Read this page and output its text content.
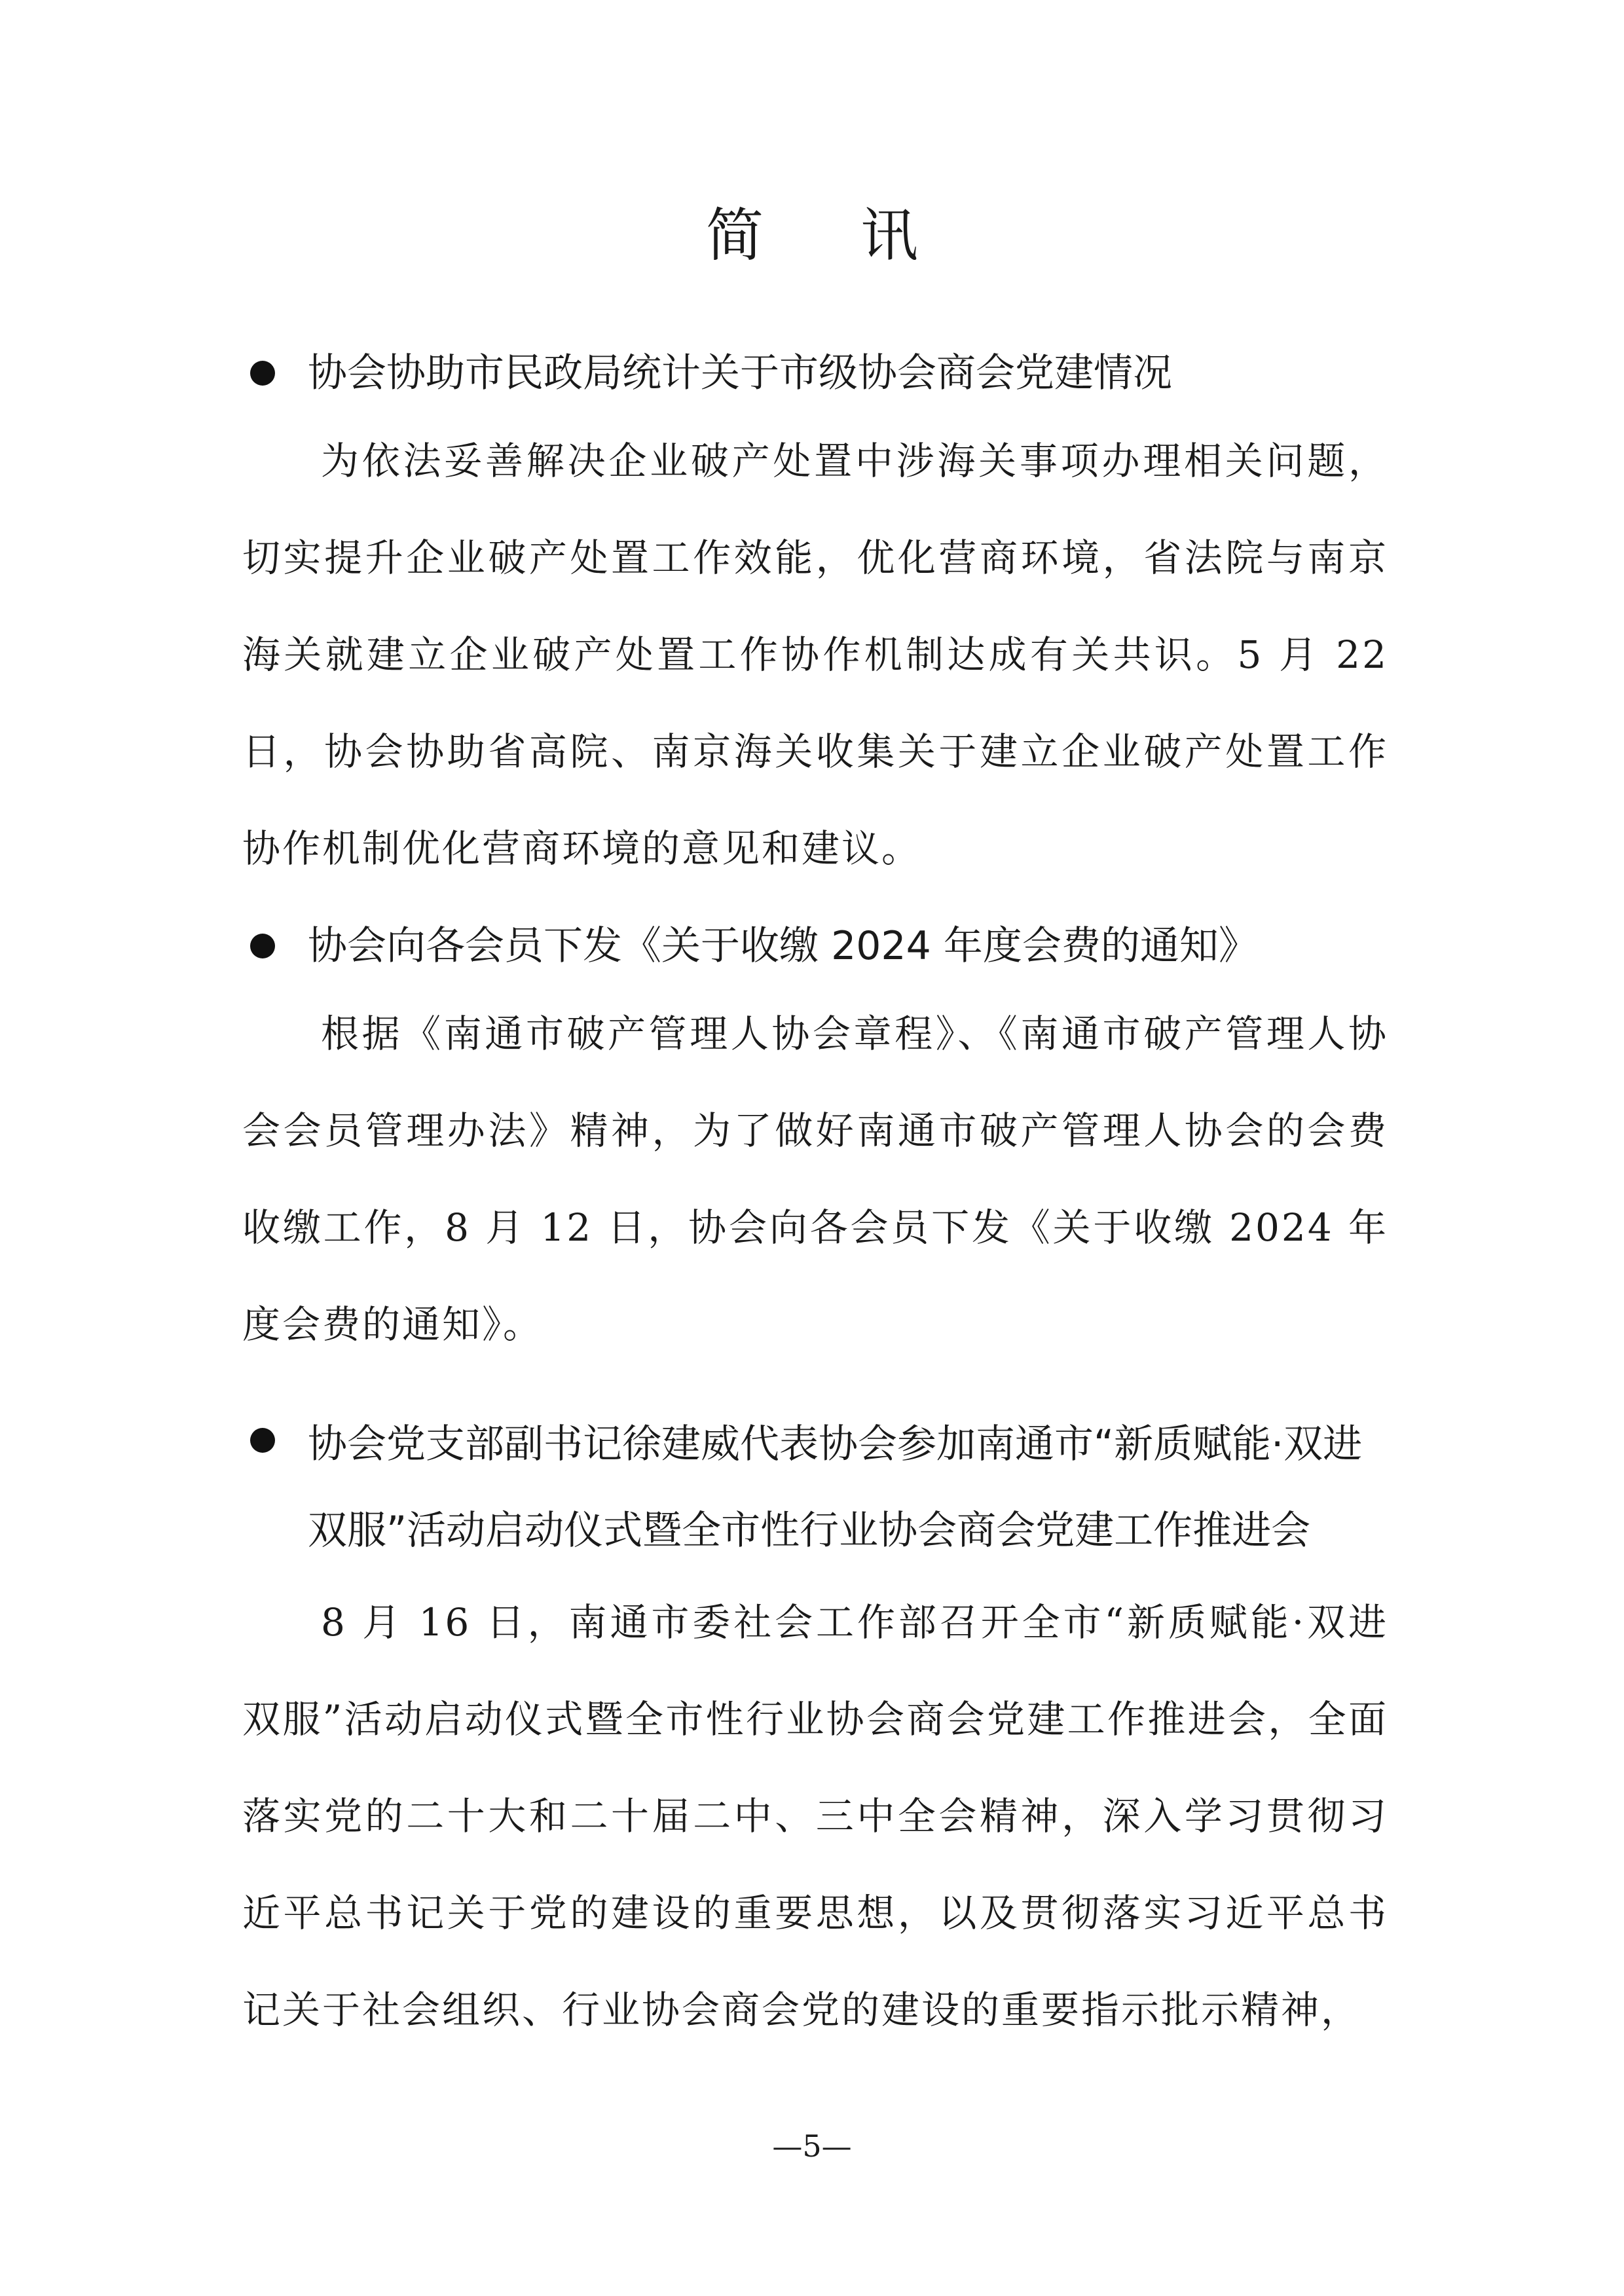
简 讯
协会协助市民政局统计关于市级协会商会党建情况

为依法妥善解决企业破产处置中涉海关事项办理相关问题，切实提升企业破产处置工作效能，优化营商环境，省法院与南京海关就建立企业破产处置工作协作机制达成有关共识。5 月 22 日，协会协助省高院、南京海关收集关于建立企业破产处置工作协作机制优化营商环境的意见和建议。

协会向各会员下发《关于收缴 2024 年度会费的通知》

根据《南通市破产管理人协会章程》、《南通市破产管理人协会会员管理办法》精神，为了做好南通市破产管理人协会的会费收缴工作，8 月 12 日，协会向各会员下发《关于收缴 2024 年度会费的通知》。

协会党支部副书记徐建威代表协会参加南通市“新质赋能·双进双服”活动启动仪式暨全市性行业协会商会党建工作推进会

8 月 16 日，南通市委社会工作部召开全市“新质赋能·双进双服”活动启动仪式暨全市性行业协会商会党建工作推进会，全面落实党的二十大和二十届二中、三中全会精神，深入学习贯彻习近平总书记关于党的建设的重要思想，以及贯彻落实习近平总书记关于社会组织、行业协会商会党的建设的重要指示批示精神，

—5—
